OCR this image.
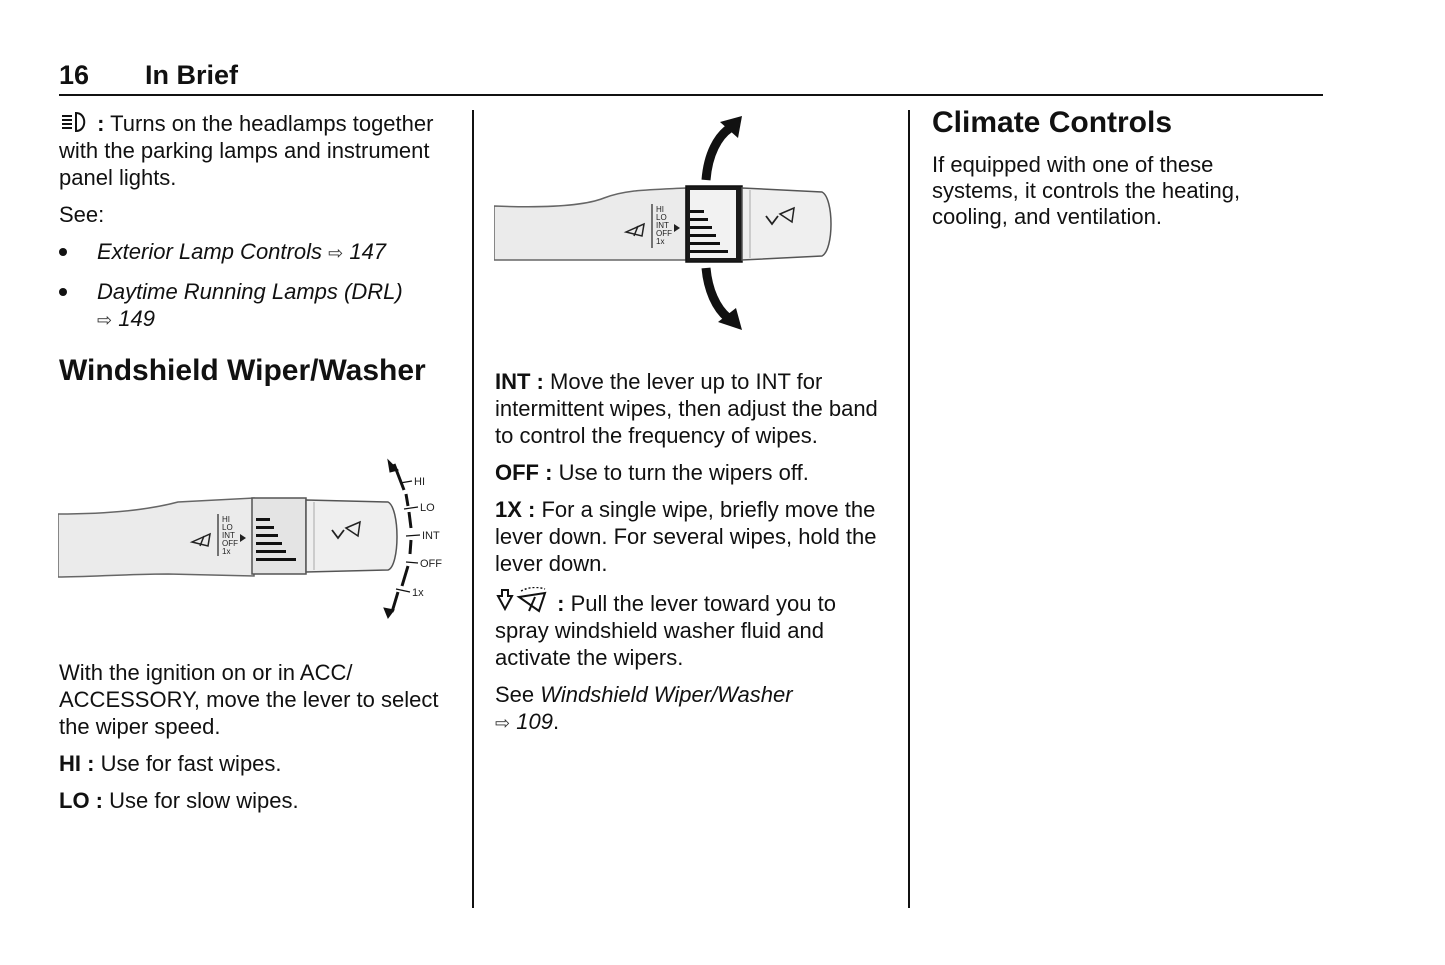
16 In Brief

: Turns on the headlamps together with the parking lamps and instrument panel lights.

See:

Exterior Lamp Controls ⇨ 147
Daytime Running Lamps (DRL)
⇨ 149
Windshield Wiper/Washer
HI
LO
INT
OFF
1x
HI
LO
INT
OFF
1x

With the ignition on or in ACC/ ACCESSORY, move the lever to select the wiper speed.

HI : Use for fast wipes.

LO : Use for slow wipes.

HI
LO
INT
OFF
1x

INT : Move the lever up to INT for intermittent wipes, then adjust the band to control the frequency of wipes.

OFF : Use to turn the wipers off.

1X : For a single wipe, briefly move the lever down. For several wipes, hold the lever down.

: Pull the lever toward you to spray windshield washer fluid and activate the wipers.

See Windshield Wiper/Washer
⇨ 109.

Climate Controls

If equipped with one of these systems, it controls the heating, cooling, and ventilation.
